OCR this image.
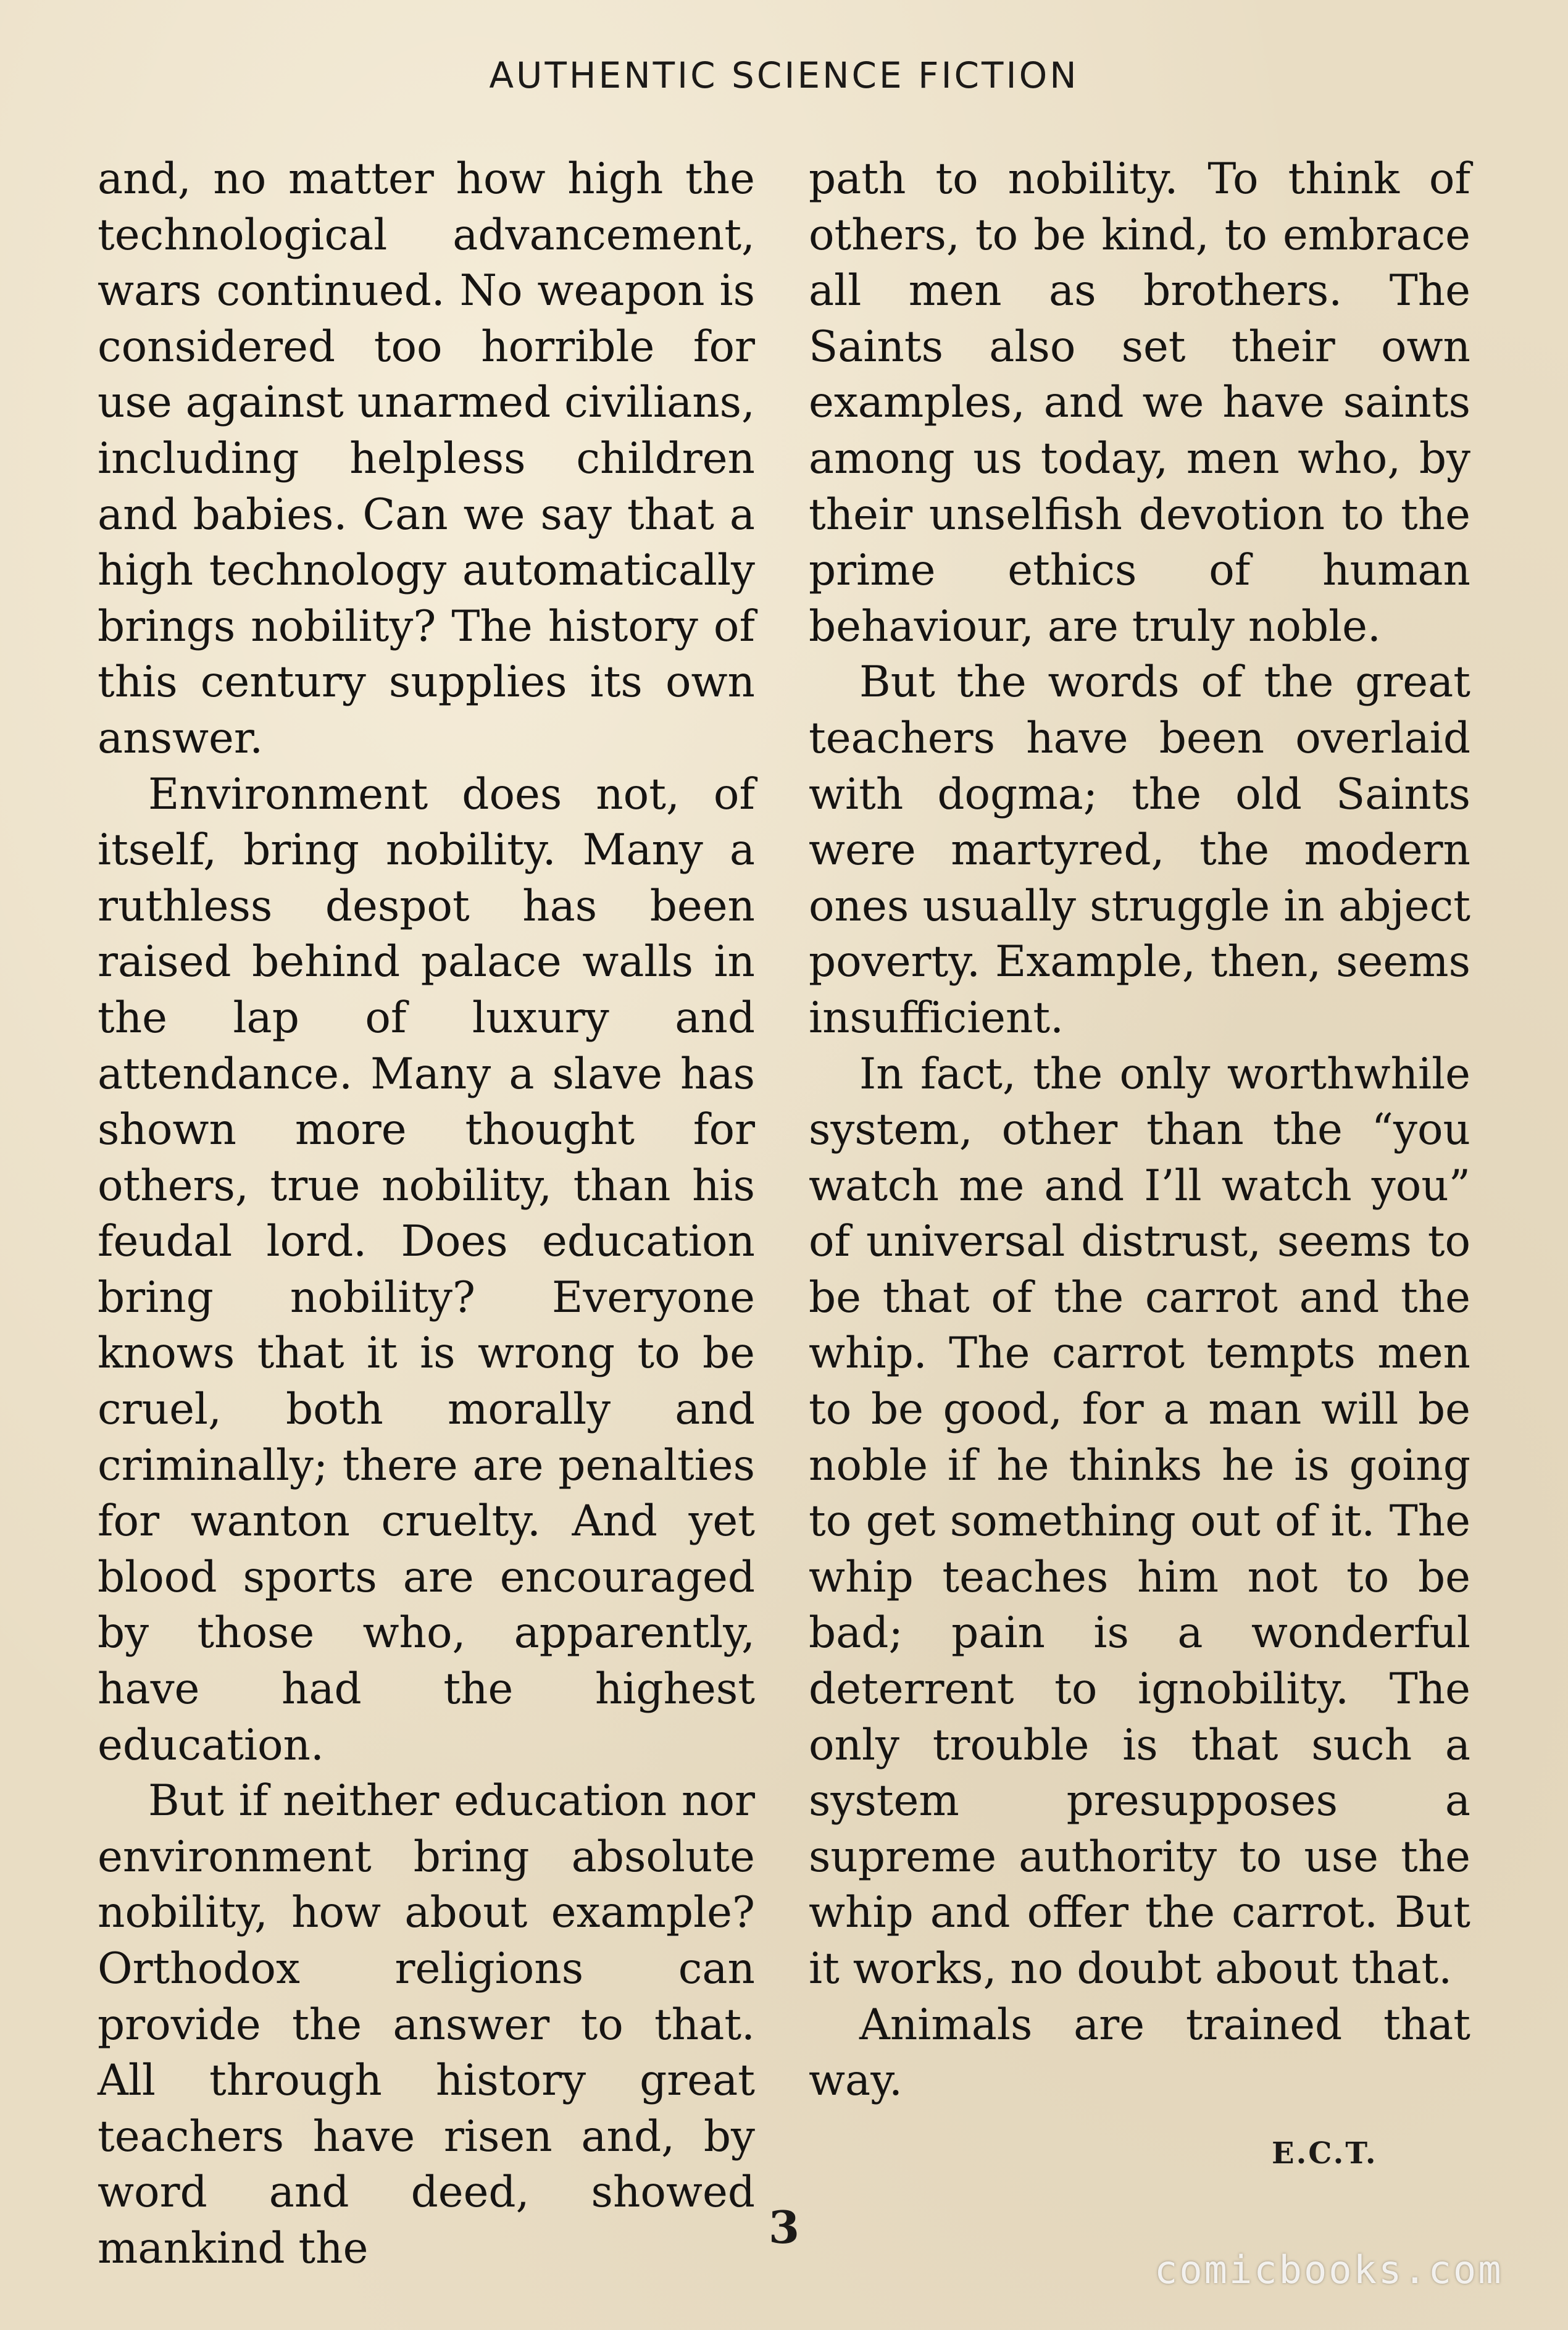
AUTHENTIC SCIENCE FICTION

and, no matter how high the technological advancement, wars continued. No weapon is considered too horrible for use against unarmed civilians, including helpless children and babies. Can we say that a high technology automatically brings nobility? The history of this century supplies its own answer.

Environment does not, of itself, bring nobility. Many a ruthless despot has been raised behind palace walls in the lap of luxury and attendance. Many a slave has shown more thought for others, true nobility, than his feudal lord. Does education bring nobility? Everyone knows that it is wrong to be cruel, both morally and criminally; there are penalties for wanton cruelty. And yet blood sports are encouraged by those who, apparently, have had the highest education.

But if neither education nor environment bring absolute nobility, how about example? Orthodox religions can provide the answer to that. All through history great teachers have risen and, by word and deed, showed mankind the

path to nobility. To think of others, to be kind, to embrace all men as brothers. The Saints also set their own examples, and we have saints among us today, men who, by their unselfish devotion to the prime ethics of human behaviour, are truly noble.

But the words of the great teachers have been overlaid with dogma; the old Saints were martyred, the modern ones usually struggle in abject poverty. Example, then, seems insufficient.

In fact, the only worthwhile system, other than the “you watch me and I’ll watch you” of universal distrust, seems to be that of the carrot and the whip. The carrot tempts men to be good, for a man will be noble if he thinks he is going to get something out of it. The whip teaches him not to be bad; pain is a wonderful deterrent to ignobility. The only trouble is that such a system presupposes a supreme authority to use the whip and offer the carrot. But it works, no doubt about that.

Animals are trained that way.

E.C.T.
3
comicbooks.com
